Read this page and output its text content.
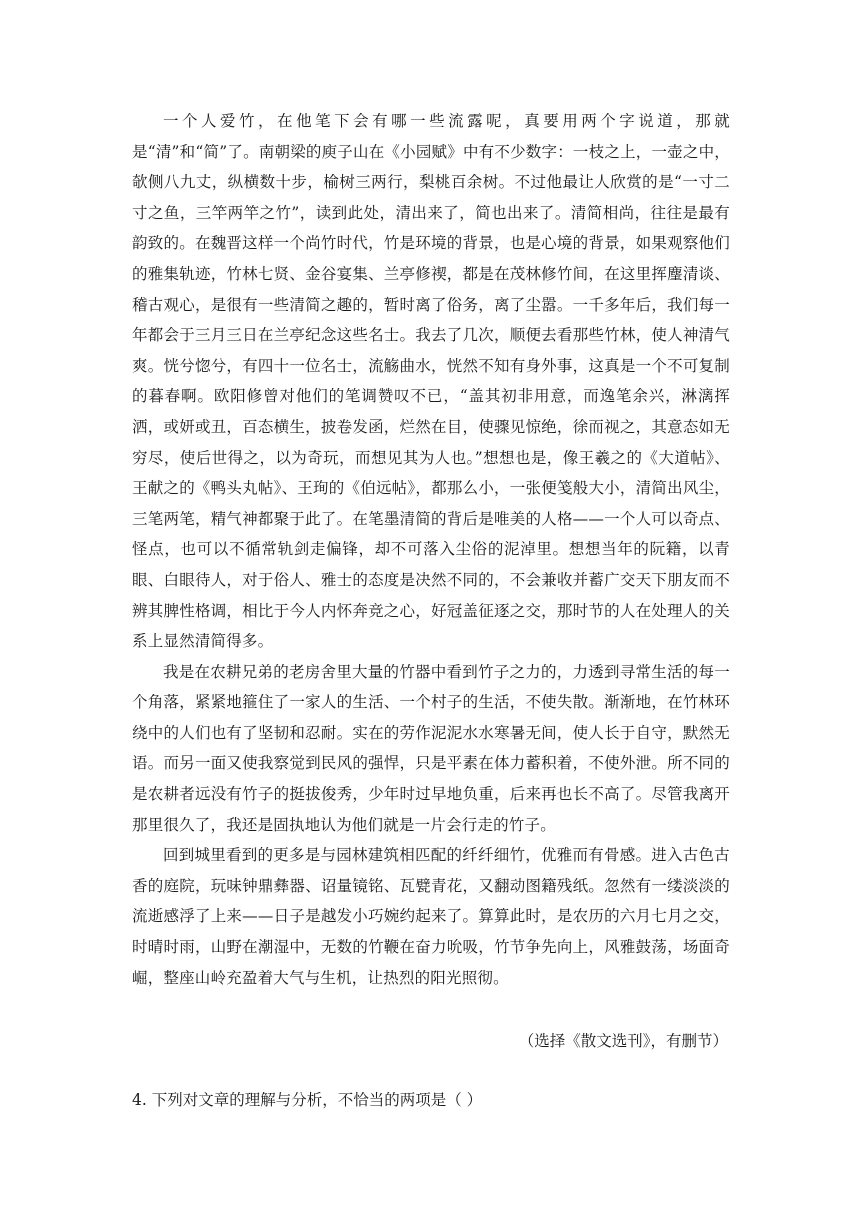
一个人爱竹，在他笔下会有哪一些流露呢，真要用两个字说道，那就是“清”和“简”了。南朝梁的庾子山在《小园赋》中有不少数字：一枝之上，一壶之中，欹侧八九丈，纵横数十步，榆树三两行，梨桃百余树。不过他最让人欣赏的是“一寸二寸之鱼，三竿两竿之竹”，读到此处，清出来了，简也出来了。清简相尚，往往是最有韵致的。在魏晋这样一个尚竹时代，竹是环境的背景，也是心境的背景，如果观察他们的雅集轨迹，竹林七贤、金谷宴集、兰亭修禊，都是在茂林修竹间，在这里挥麈清谈、稽古观心，是很有一些清简之趣的，暂时离了俗务，离了尘嚣。一千多年后，我们每一年都会于三月三日在兰亭纪念这些名士。我去了几次，顺便去看那些竹林，使人神清气爽。恍兮惚兮，有四十一位名士，流觞曲水，恍然不知有身外事，这真是一个不可复制的暮春啊。欧阳修曾对他们的笔调赞叹不已，“盖其初非用意，而逸笔余兴，淋漓挥洒，或妍或丑，百态横生，披卷发函，烂然在目，使骤见惊绝，徐而视之，其意态如无穷尽，使后世得之，以为奇玩，而想见其为人也。”想想也是，像王羲之的《大道帖》、王献之的《鸭头丸帖》、王珣的《伯远帖》，都那么小，一张便笺般大小，清简出风尘，三笔两笔，精气神都聚于此了。在笔墨清简的背后是唯美的人格——一个人可以奇点、怪点，也可以不循常轨剑走偏锋，却不可落入尘俗的泥淖里。想想当年的阮籍，以青眼、白眼待人，对于俗人、雅士的态度是决然不同的，不会兼收并蓄广交天下朋友而不辨其脾性格调，相比于今人内怀奔竞之心，好冠盖征逐之交，那时节的人在处理人的关系上显然清简得多。

我是在农耕兄弟的老房舍里大量的竹器中看到竹子之力的，力透到寻常生活的每一个角落，紧紧地箍住了一家人的生活、一个村子的生活，不使失散。渐渐地，在竹林环绕中的人们也有了坚韧和忍耐。实在的劳作泥泥水水寒暑无间，使人长于自守，默然无语。而另一面又使我察觉到民风的强悍，只是平素在体力蓄积着，不使外泄。所不同的是农耕者远没有竹子的挺拔俊秀，少年时过早地负重，后来再也长不高了。尽管我离开那里很久了，我还是固执地认为他们就是一片会行走的竹子。

回到城里看到的更多是与园林建筑相匹配的纤纤细竹，优雅而有骨感。进入古色古香的庭院，玩味钟鼎彝器、诏量镜铭、瓦甓青花，又翻动图籍残纸。忽然有一缕淡淡的流逝感浮了上来——日子是越发小巧婉约起来了。算算此时，是农历的六月七月之交，时晴时雨，山野在潮湿中，无数的竹鞭在奋力吮吸，竹节争先向上，风雅鼓荡，场面奇崛，整座山岭充盈着大气与生机，让热烈的阳光照彻。

（选择《散文选刊》，有删节）
4. 下列对文章的理解与分析，不恰当的两项是（ ）
